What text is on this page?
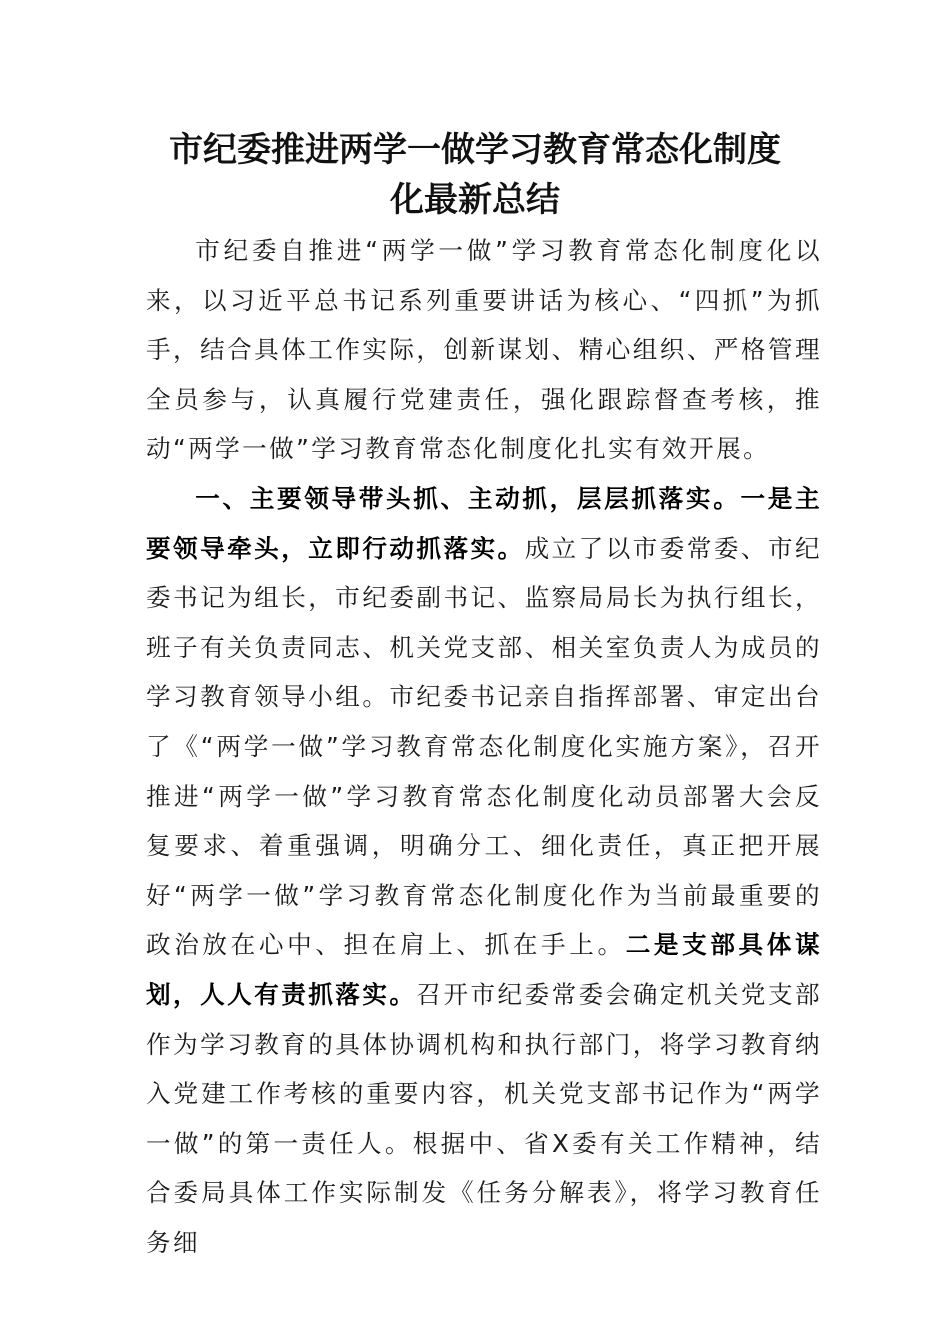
市纪委推进两学一做学习教育常态化制度
化最新总结

市纪委自推进“两学一做”学习教育常态化制度化以来，以习近平总书记系列重要讲话为核心、“四抓”为抓手，结合具体工作实际，创新谋划、精心组织、严格管理全员参与，认真履行党建责任，强化跟踪督查考核，推动“两学一做”学习教育常态化制度化扎实有效开展。

一、主要领导带头抓、主动抓，层层抓落实。一是主要领导牵头，立即行动抓落实。成立了以市委常委、市纪委书记为组长，市纪委副书记、监察局局长为执行组长，班子有关负责同志、机关党支部、相关室负责人为成员的学习教育领导小组。市纪委书记亲自指挥部署、审定出台了《“两学一做”学习教育常态化制度化实施方案》，召开推进“两学一做”学习教育常态化制度化动员部署大会反复要求、着重强调，明确分工、细化责任，真正把开展好“两学一做”学习教育常态化制度化作为当前最重要的政治放在心中、担在肩上、抓在手上。二是支部具体谋划，人人有责抓落实。召开市纪委常委会确定机关党支部作为学习教育的具体协调机构和执行部门，将学习教育纳入党建工作考核的重要内容，机关党支部书记作为“两学一做”的第一责任人。根据中、省X委有关工作精神，结合委局具体工作实际制发《任务分解表》，将学习教育任务细
